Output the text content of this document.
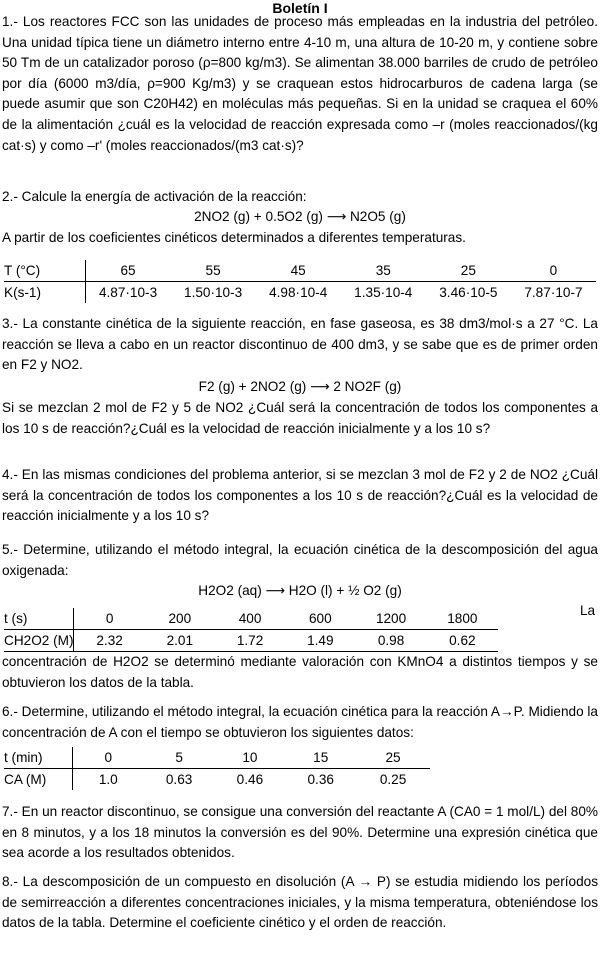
Boletín I
1.- Los reactores FCC son las unidades de proceso más empleadas en la industria del petróleo. Una unidad típica tiene un diámetro interno entre 4-10 m, una altura de 10-20 m, y contiene sobre 50 Tm de un catalizador poroso (ρ=800 kg/m3). Se alimentan 38.000 barriles de crudo de petróleo por día (6000 m3/día, ρ=900 Kg/m3) y se craquean estos hidrocarburos de cadena larga (se puede asumir que son C20H42) en moléculas más pequeñas. Si en la unidad se craquea el 60% de la alimentación ¿cuál es la velocidad de reacción expresada como –r (moles reaccionados/(kg cat·s) y como –r' (moles reaccionados/(m3 cat·s)?
2.- Calcule la energía de activación de la reacción:
2NO2 (g) + 0.5O2 (g) ⟶ N2O5 (g)
A partir de los coeficientes cinéticos determinados a diferentes temperaturas.
T (°C)	65	55	45	35	25	0
K(s-1)	4.87·10-3	1.50·10-3	4.98·10-4	1.35·10-4	3.46·10-5	7.87·10-7
3.- La constante cinética de la siguiente reacción, en fase gaseosa, es 38 dm3/mol·s a 27 °C. La reacción se lleva a cabo en un reactor discontinuo de 400 dm3, y se sabe que es de primer orden en F2 y NO2.
F2 (g) + 2NO2 (g) ⟶ 2 NO2F (g)
Si se mezclan 2 mol de F2 y 5 de NO2 ¿Cuál será la concentración de todos los componentes a los 10 s de reacción?¿Cuál es la velocidad de reacción inicialmente y a los 10 s?
4.- En las mismas condiciones del problema anterior, si se mezclan 3 mol de F2 y 2 de NO2 ¿Cuál será la concentración de todos los componentes a los 10 s de reacción?¿Cuál es la velocidad de reacción inicialmente y a los 10 s?
5.- Determine, utilizando el método integral, la ecuación cinética de la descomposición del agua oxigenada:
H2O2 (aq) ⟶ H2O (l) + ½ O2 (g)
t (s)	0	200	400	600	1200	1800
CH2O2 (M)	2.32	2.01	1.72	1.49	0.98	0.62
La
concentración de H2O2 se determinó mediante valoración con KMnO4 a distintos tiempos y se obtuvieron los datos de la tabla.
6.- Determine, utilizando el método integral, la ecuación cinética para la reacción A→P. Midiendo la concentración de A con el tiempo se obtuvieron los siguientes datos:
t (min)	0	5	10	15	25
CA (M)	1.0	0.63	0.46	0.36	0.25
7.- En un reactor discontinuo, se consigue una conversión del reactante A (CA0 = 1 mol/L) del 80% en 8 minutos, y a los 18 minutos la conversión es del 90%. Determine una expresión cinética que sea acorde a los resultados obtenidos.
8.- La descomposición de un compuesto en disolución (A → P) se estudia midiendo los períodos de semirreacción a diferentes concentraciones iniciales, y la misma temperatura, obteniéndose los datos de la tabla. Determine el coeficiente cinético y el orden de reacción.
